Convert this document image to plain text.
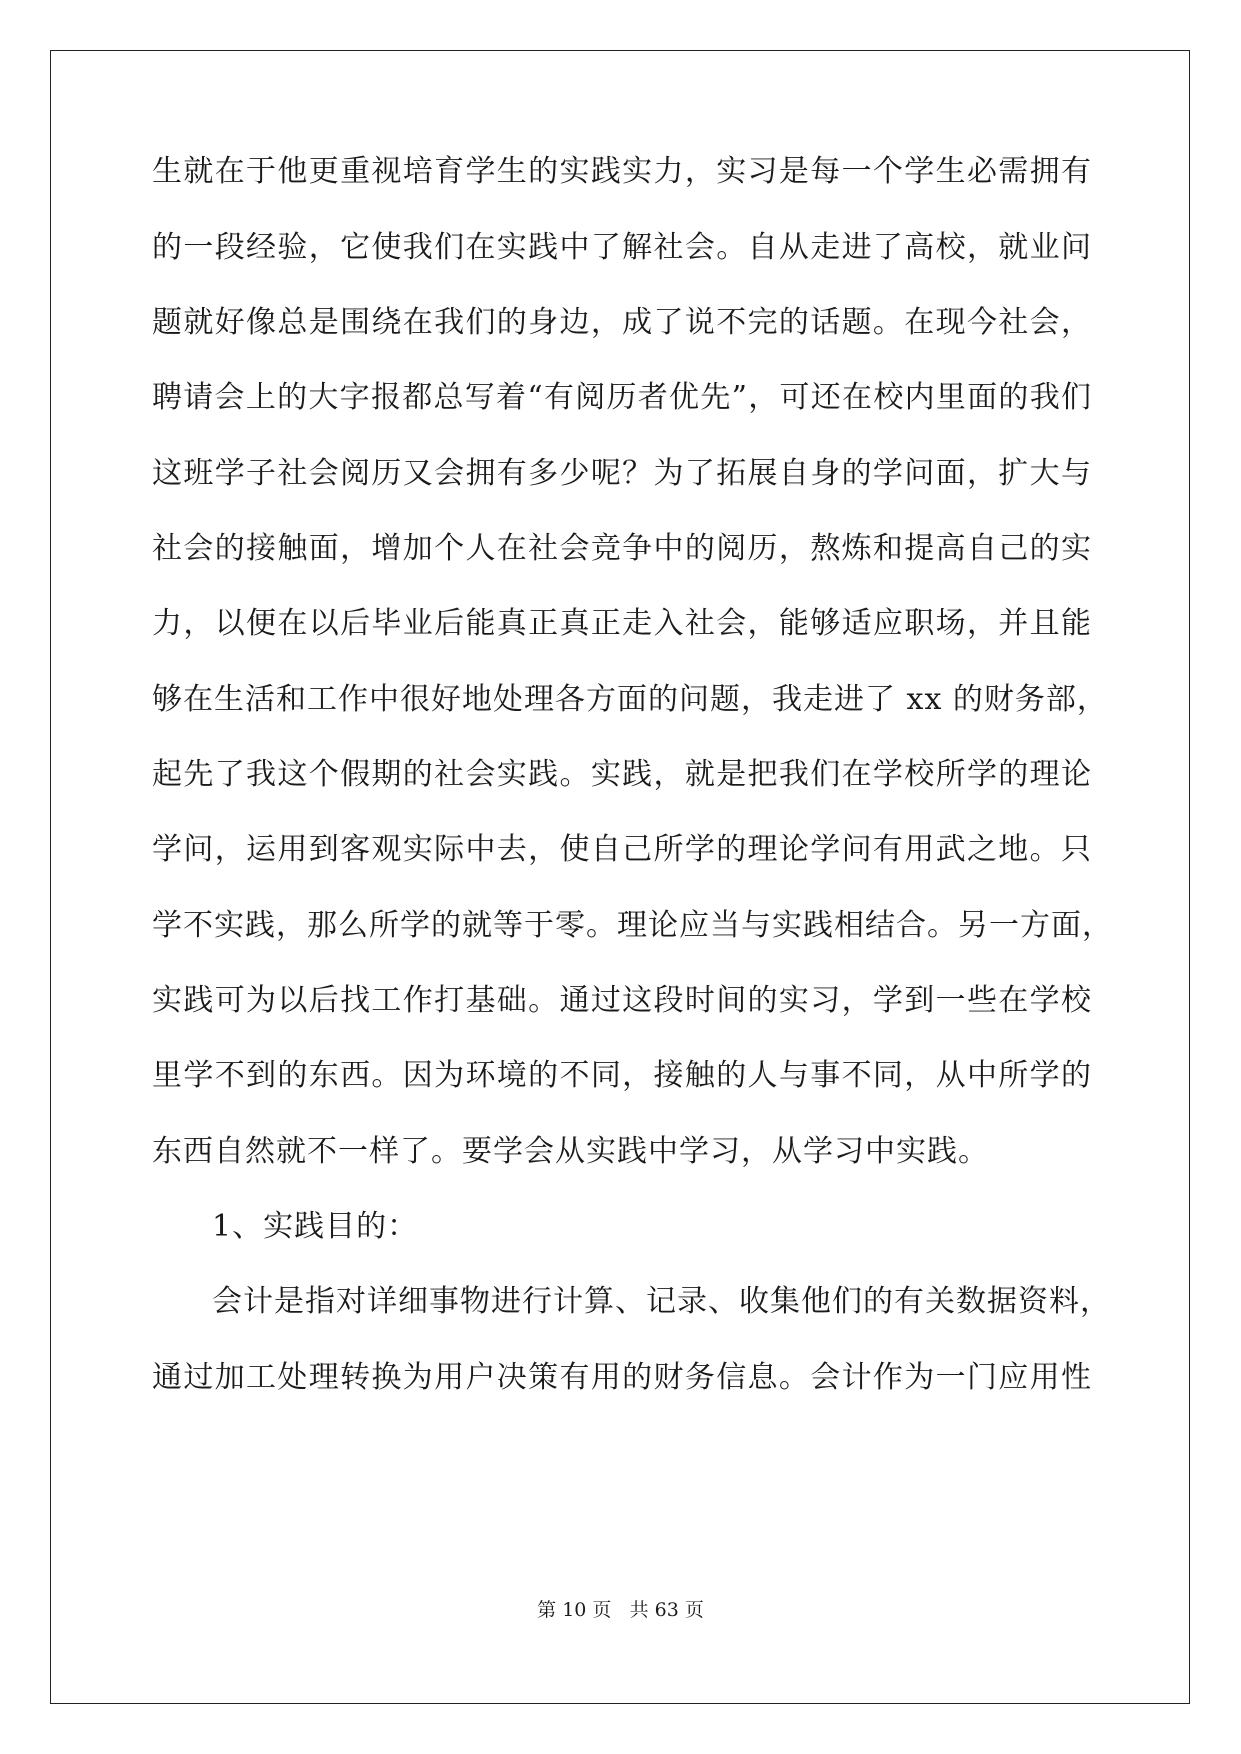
生就在于他更重视培育学生的实践实力，实习是每一个学生必需拥有
的一段经验，它使我们在实践中了解社会。自从走进了高校，就业问
题就好像总是围绕在我们的身边，成了说不完的话题。在现今社会，
聘请会上的大字报都总写着“有阅历者优先”，可还在校内里面的我们
这班学子社会阅历又会拥有多少呢？为了拓展自身的学问面，扩大与
社会的接触面，增加个人在社会竞争中的阅历，熬炼和提高自己的实
力，以便在以后毕业后能真正真正走入社会，能够适应职场，并且能
够在生活和工作中很好地处理各方面的问题，我走进了 xx 的财务部，
起先了我这个假期的社会实践。实践，就是把我们在学校所学的理论
学问，运用到客观实际中去，使自己所学的理论学问有用武之地。只
学不实践，那么所学的就等于零。理论应当与实践相结合。另一方面，
实践可为以后找工作打基础。通过这段时间的实习，学到一些在学校
里学不到的东西。因为环境的不同，接触的人与事不同，从中所学的
东西自然就不一样了。要学会从实践中学习，从学习中实践。
1、实践目的：
会计是指对详细事物进行计算、记录、收集他们的有关数据资料，
通过加工处理转换为用户决策有用的财务信息。会计作为一门应用性
第 10 页 共 63 页
